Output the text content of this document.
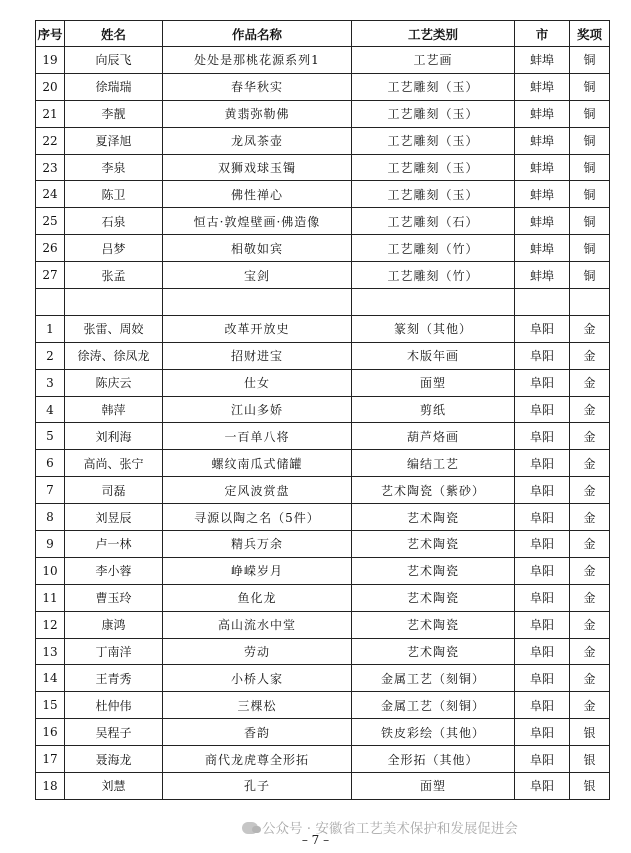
序号	姓名	作品名称	工艺类别	市	奖项
19	向辰飞	处处是那桃花源系列1	工艺画	蚌埠	铜
20	徐瑞瑞	春华秋实	工艺雕刻（玉）	蚌埠	铜
21	李靓	黄翡弥勒佛	工艺雕刻（玉）	蚌埠	铜
22	夏泽旭	龙凤茶壶	工艺雕刻（玉）	蚌埠	铜
23	李泉	双狮戏球玉镯	工艺雕刻（玉）	蚌埠	铜
24	陈卫	佛性禅心	工艺雕刻（玉）	蚌埠	铜
25	石泉	恒古·敦煌壁画·佛造像	工艺雕刻（石）	蚌埠	铜
26	吕梦	相敬如宾	工艺雕刻（竹）	蚌埠	铜
27	张孟	宝剑	工艺雕刻（竹）	蚌埠	铜

1	张雷、周姣	改革开放史	篆刻（其他）	阜阳	金
2	徐涛、徐凤龙	招财进宝	木版年画	阜阳	金
3	陈庆云	仕女	面塑	阜阳	金
4	韩萍	江山多娇	剪纸	阜阳	金
5	刘利海	一百单八将	葫芦烙画	阜阳	金
6	高尚、张宁	螺纹南瓜式储罐	编结工艺	阜阳	金
7	司磊	定风波赏盘	艺术陶瓷（紫砂）	阜阳	金
8	刘昱辰	寻源以陶之名（5件）	艺术陶瓷	阜阳	金
9	卢一林	精兵万余	艺术陶瓷	阜阳	金
10	李小蓉	峥嵘岁月	艺术陶瓷	阜阳	金
11	曹玉玲	鱼化龙	艺术陶瓷	阜阳	金
12	康鸿	高山流水中堂	艺术陶瓷	阜阳	金
13	丁南洋	劳动	艺术陶瓷	阜阳	金
14	王青秀	小桥人家	金属工艺（刻铜）	阜阳	金
15	杜仲伟	三棵松	金属工艺（刻铜）	阜阳	金
16	吴程子	香韵	铁皮彩绘（其他）	阜阳	银
17	聂海龙	商代龙虎尊全形拓	全形拓（其他）	阜阳	银
18	刘慧	孔子	面塑	阜阳	银
公众号 · 安徽省工艺美术保护和发展促进会
– 7 –
